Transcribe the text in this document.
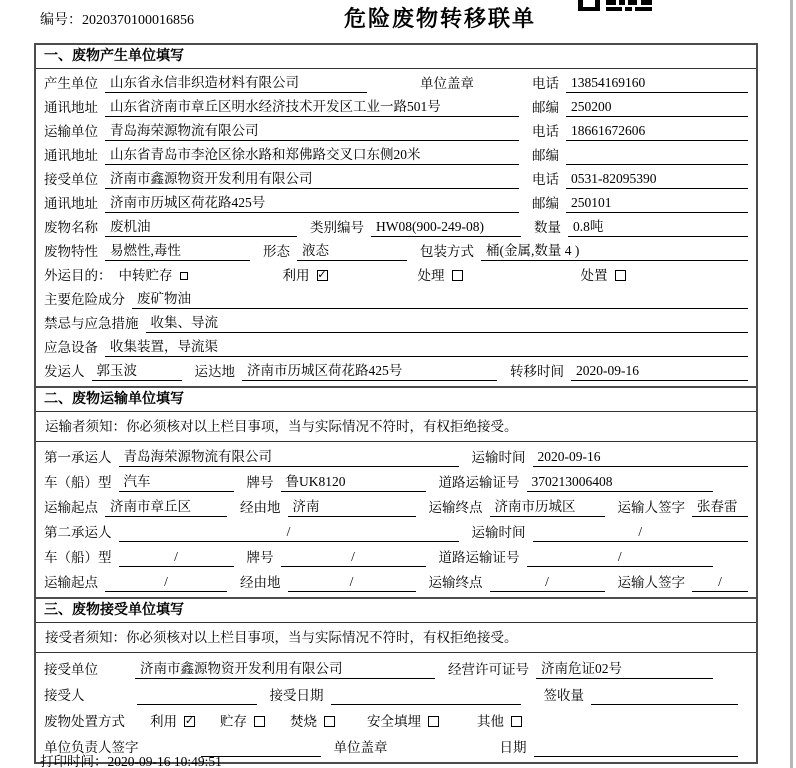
编号：2020370100016856	危险废物转移联单
一、废物产生单位填写
产生单位 山东省永信非织造材料有限公司	单位盖章	电话 13854169160
通讯地址 山东省济南市章丘区明水经济技术开发区工业一路501号	邮编 250200
运输单位 青岛海荣源物流有限公司	电话 18661672606
通讯地址 山东省青岛市李沧区徐水路和郑佛路交叉口东侧20米	邮编
接受单位 济南市鑫源物资开发利用有限公司	电话 0531-82095390
通讯地址 济南市历城区荷花路425号	邮编 250101
废物名称 废机油	类别编号 HW08(900-249-08)	数量 0.8吨
废物特性 易燃性,毒性	形态 液态	包装方式 桶(金属,数量 4 )
外运目的： 中转贮存	利用 ✓	处理	处置
主要危险成分 废矿物油
禁忌与应急措施 收集、导流
应急设备 收集装置，导流渠
发运人 郭玉波	运达地 济南市历城区荷花路425号	转移时间 2020-09-16
二、废物运输单位填写
运输者须知：你必须核对以上栏目事项，当与实际情况不符时，有权拒绝接受。
第一承运人 青岛海荣源物流有限公司	运输时间 2020-09-16
车（船）型 汽车	牌号 鲁UK8120	道路运输证号 370213006408
运输起点 济南市章丘区	经由地 济南	运输终点 济南市历城区	运输人签字 张春雷
第二承运人	/	运输时间	/
车（船）型	/	牌号	/	道路运输证号	/
运输起点	/	经由地	/	运输终点	/	运输人签字	/
三、废物接受单位填写
接受者须知：你必须核对以上栏目事项，当与实际情况不符时，有权拒绝接受。
接受单位	济南市鑫源物资开发利用有限公司	经营许可证号 济南危证02号
接受人	接受日期	签收量
废物处置方式 利用 ✓ 贮存	焚烧	安全填埋	其他
单位负责人签字	单位盖章	日期
打印时间：2020-09-16 10:49:51
